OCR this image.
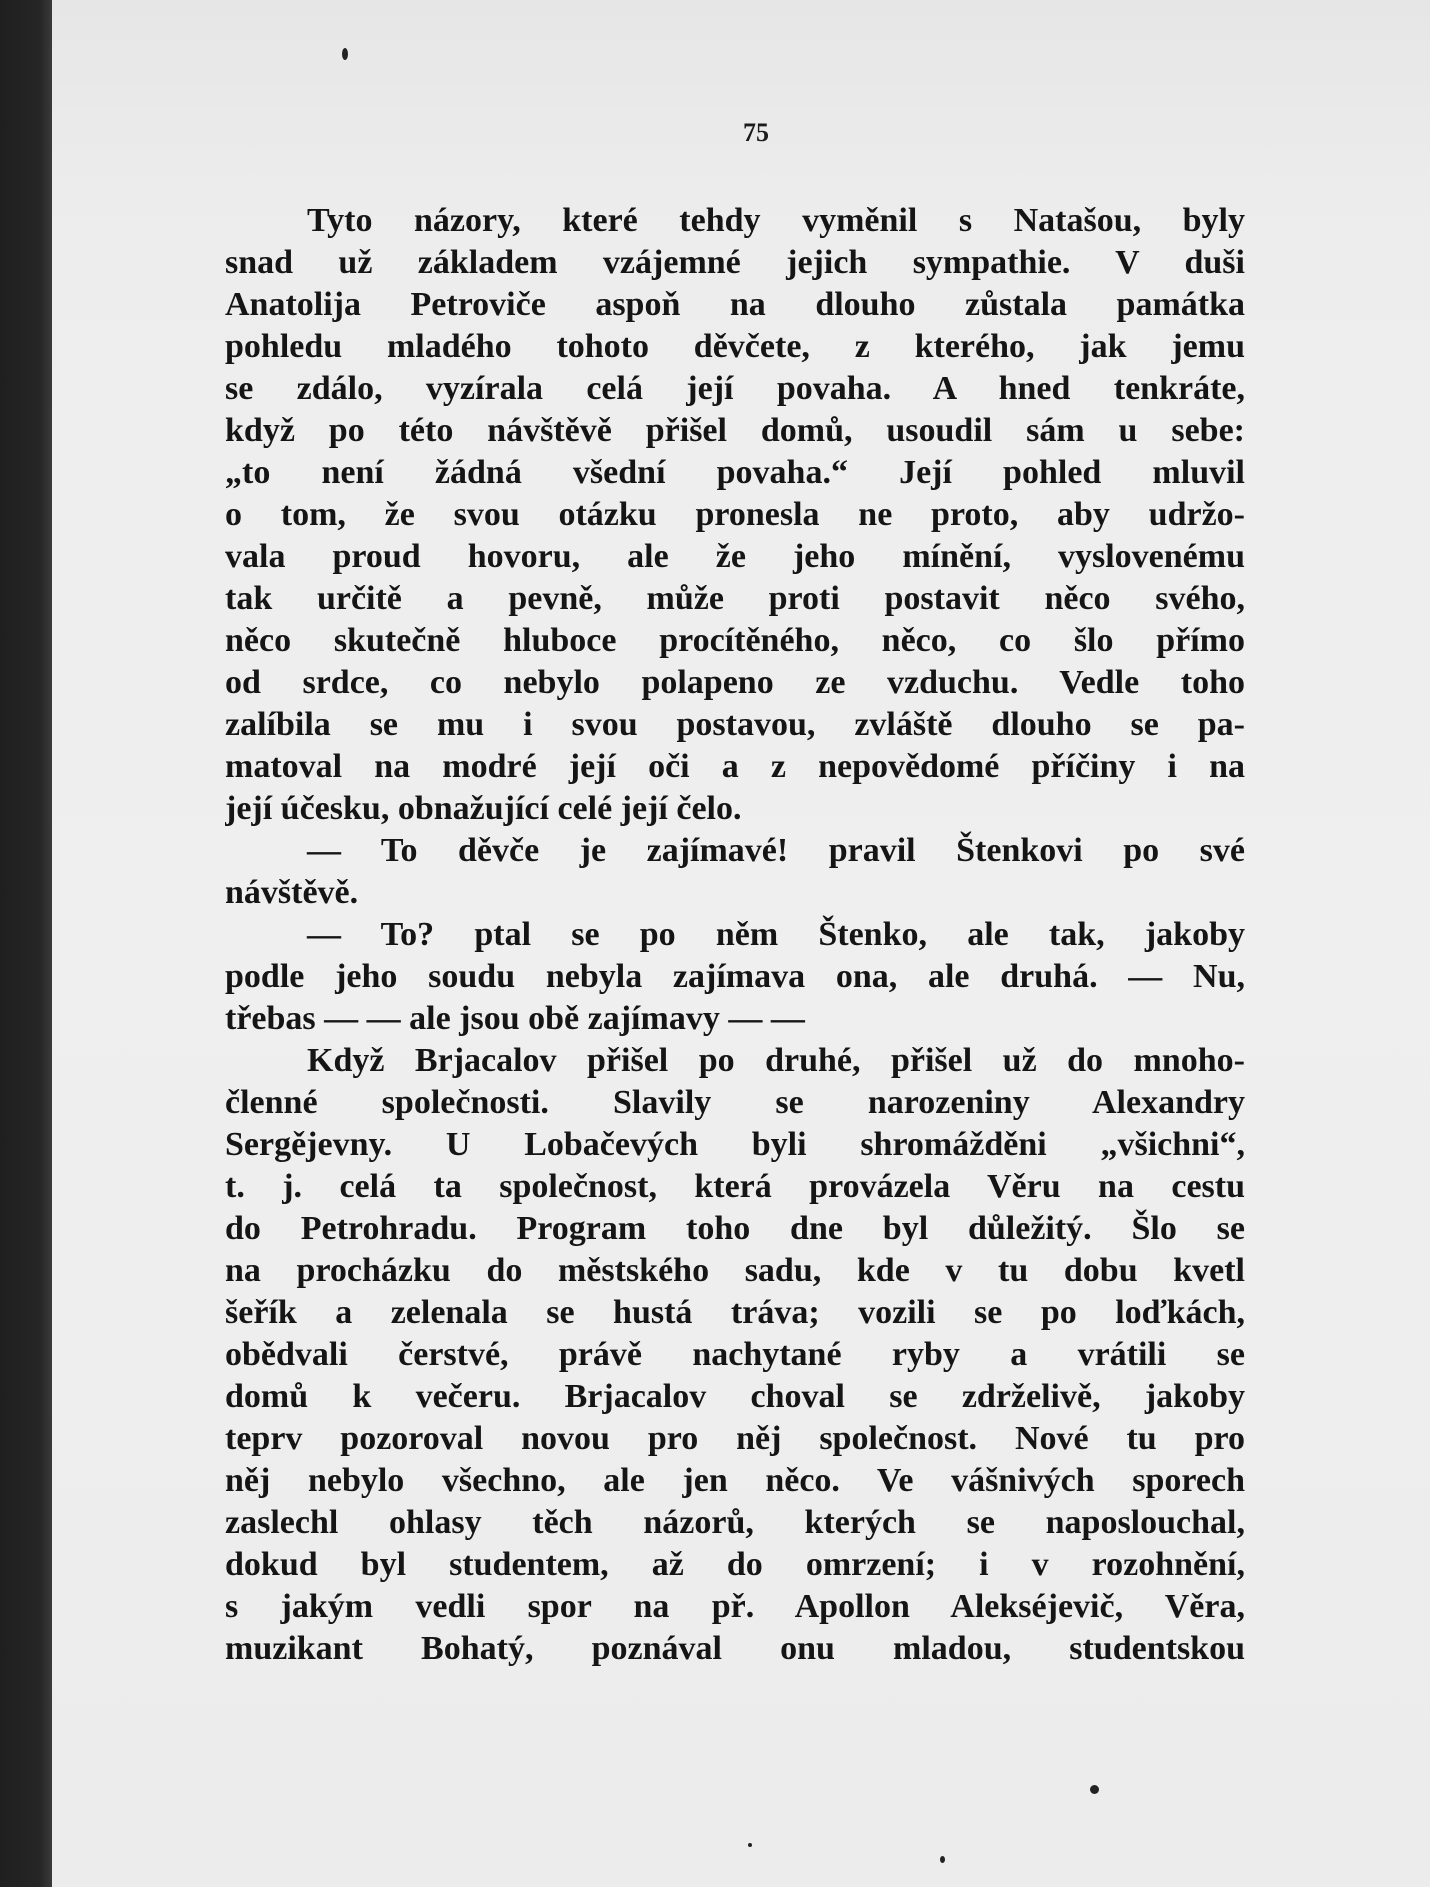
75
Tyto názory, které tehdy vyměnil s Natašou, byly
snad už základem vzájemné jejich sympathie. V duši
Anatolija Petroviče aspoň na dlouho zůstala památka
pohledu mladého tohoto děvčete, z kterého, jak jemu
se zdálo, vyzírala celá její povaha. A hned tenkráte,
když po této návštěvě přišel domů, usoudil sám u sebe:
„to není žádná všední povaha.“ Její pohled mluvil
o tom, že svou otázku pronesla ne proto, aby udržo-
vala proud hovoru, ale že jeho mínění, vyslovenému
tak určitě a pevně, může proti postavit něco svého,
něco skutečně hluboce procítěného, něco, co šlo přímo
od srdce, co nebylo polapeno ze vzduchu. Vedle toho
zalíbila se mu i svou postavou, zvláště dlouho se pa-
matoval na modré její oči a z nepovědomé příčiny i na
její účesku, obnažující celé její čelo.
— To děvče je zajímavé! pravil Štenkovi po své
návštěvě.
— To? ptal se po něm Štenko, ale tak, jakoby
podle jeho soudu nebyla zajímava ona, ale druhá. — Nu,
třebas — — ale jsou obě zajímavy — —
Když Brjacalov přišel po druhé, přišel už do mnoho-
členné společnosti. Slavily se narozeniny Alexandry
Sergějevny. U Lobačevých byli shromážděni „všichni“,
t. j. celá ta společnost, která provázela Věru na cestu
do Petrohradu. Program toho dne byl důležitý. Šlo se
na procházku do městského sadu, kde v tu dobu kvetl
šeřík a zelenala se hustá tráva; vozili se po loďkách,
obědvali čerstvé, právě nachytané ryby a vrátili se
domů k večeru. Brjacalov choval se zdrželivě, jakoby
teprv pozoroval novou pro něj společnost. Nové tu pro
něj nebylo všechno, ale jen něco. Ve vášnivých sporech
zaslechl ohlasy těch názorů, kterých se naposlouchal,
dokud byl studentem, až do omrzení; i v rozohnění,
s jakým vedli spor na př. Apollon Alekséjevič, Věra,
muzikant Bohatý, poznával onu mladou, studentskou
